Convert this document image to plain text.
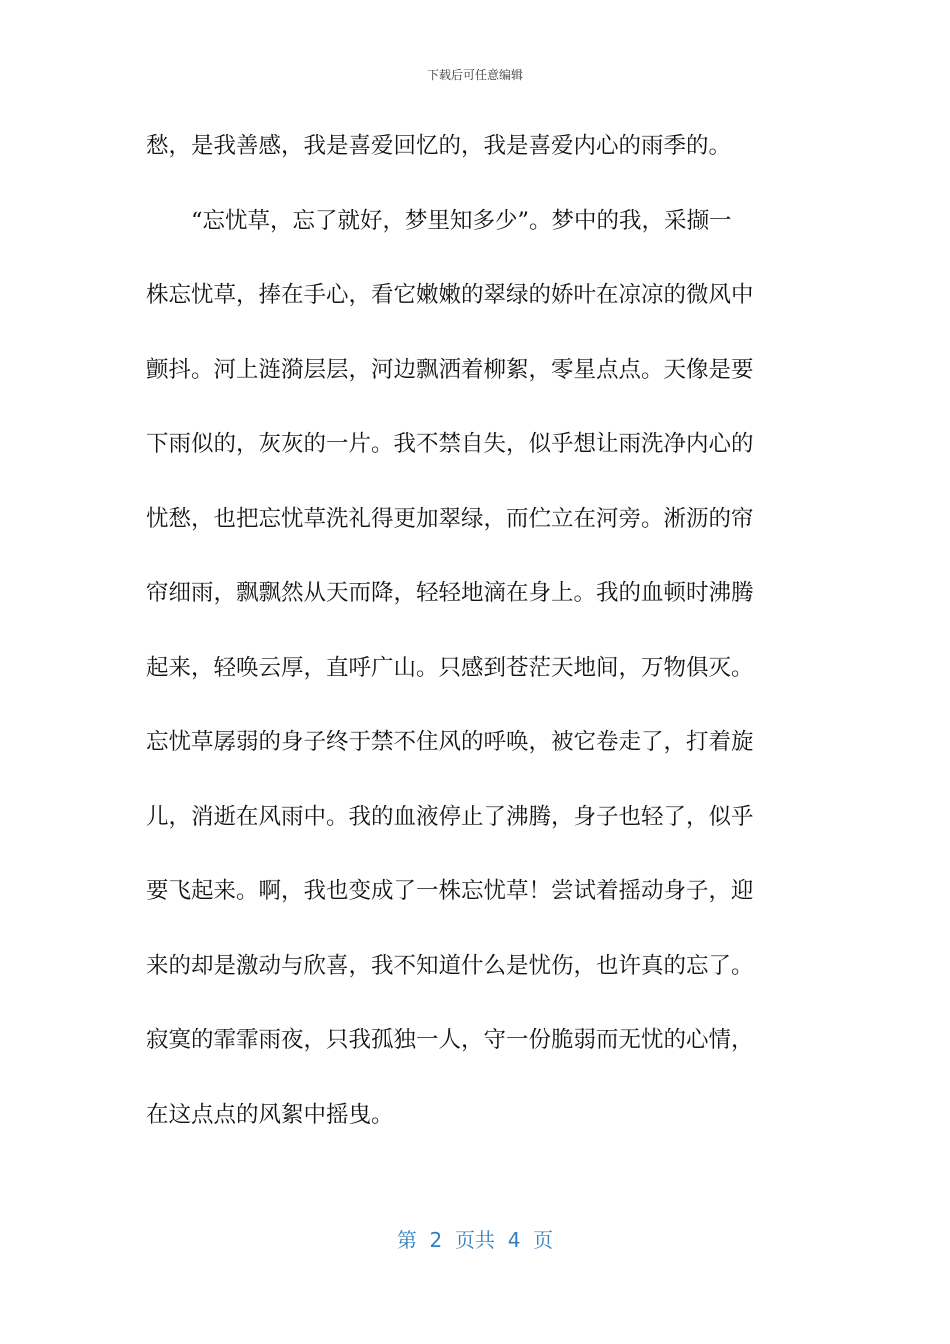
下载后可任意编辑
愁，是我善感，我是喜爱回忆的，我是喜爱内心的雨季的。
“忘忧草，忘了就好，梦里知多少”。梦中的我，采撷一
株忘忧草，捧在手心，看它嫩嫩的翠绿的娇叶在凉凉的微风中
颤抖。河上涟漪层层，河边飘洒着柳絮，零星点点。天像是要
下雨似的，灰灰的一片。我不禁自失，似乎想让雨洗净内心的
忧愁，也把忘忧草洗礼得更加翠绿，而伫立在河旁。淅沥的帘
帘细雨，飘飘然从天而降，轻轻地滴在身上。我的血顿时沸腾
起来，轻唤云厚，直呼广山。只感到苍茫天地间，万物俱灭。
忘忧草孱弱的身子终于禁不住风的呼唤，被它卷走了，打着旋
儿，消逝在风雨中。我的血液停止了沸腾，身子也轻了，似乎
要飞起来。啊，我也变成了一株忘忧草！尝试着摇动身子，迎
来的却是激动与欣喜，我不知道什么是忧伤，也许真的忘了。
寂寞的霏霏雨夜，只我孤独一人，守一份脆弱而无忧的心情，
在这点点的风絮中摇曳。
第  2  页共  4  页
